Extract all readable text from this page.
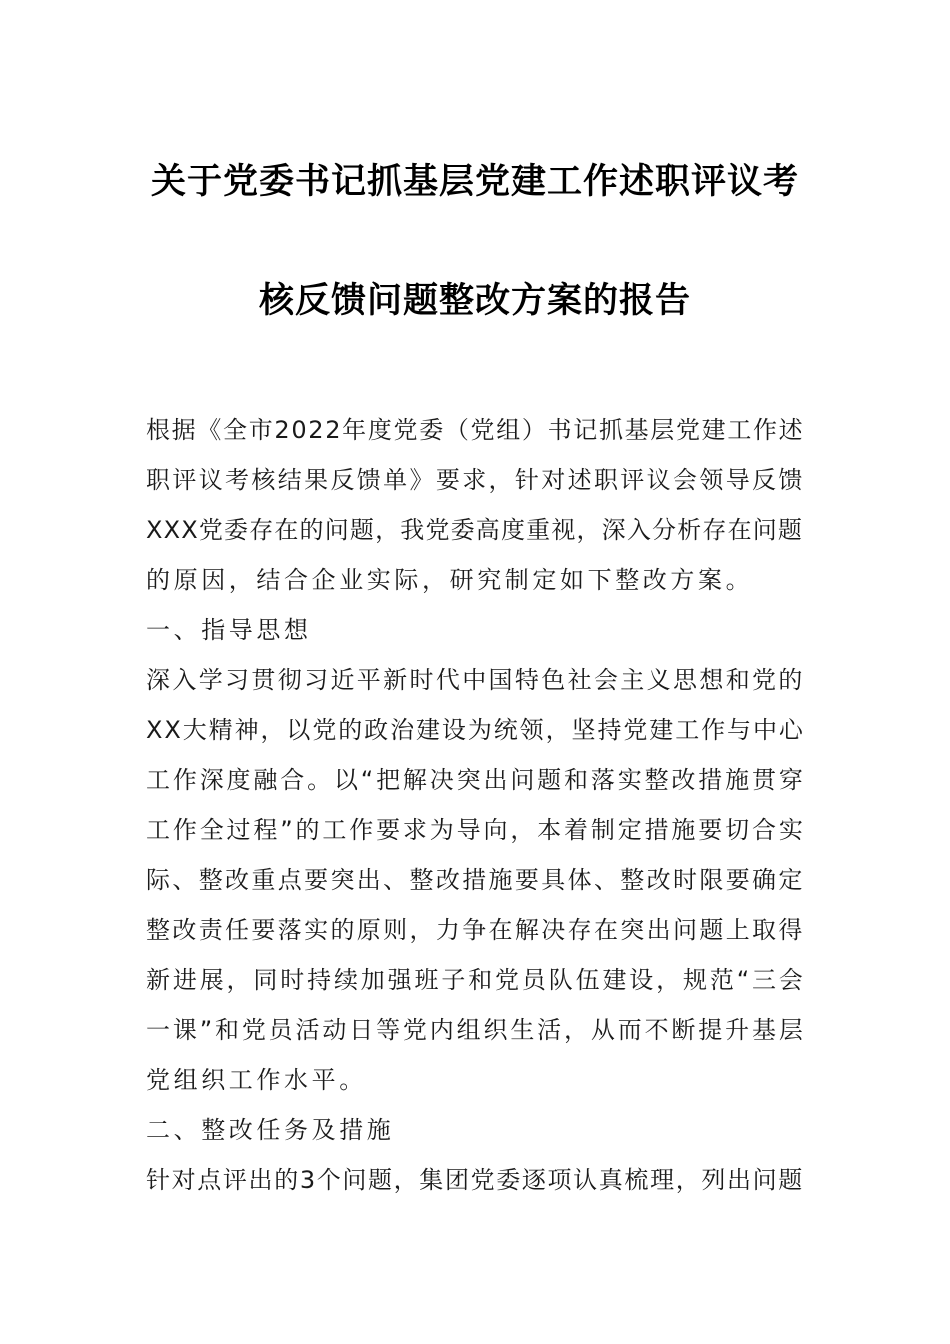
关于党委书记抓基层党建工作述职评议考
核反馈问题整改方案的报告
根据《全市2022年度党委（党组）书记抓基层党建工作述
职评议考核结果反馈单》要求，针对述职评议会领导反馈
XXX党委存在的问题，我党委高度重视，深入分析存在问题
的原因，结合企业实际，研究制定如下整改方案。
一、指导思想
深入学习贯彻习近平新时代中国特色社会主义思想和党的
XX大精神，以党的政治建设为统领，坚持党建工作与中心
工作深度融合。以“把解决突出问题和落实整改措施贯穿
工作全过程”的工作要求为导向，本着制定措施要切合实
际、整改重点要突出、整改措施要具体、整改时限要确定
整改责任要落实的原则，力争在解决存在突出问题上取得
新进展，同时持续加强班子和党员队伍建设，规范“三会
一课”和党员活动日等党内组织生活，从而不断提升基层
党组织工作水平。
二、整改任务及措施
针对点评出的3个问题，集团党委逐项认真梳理，列出问题
